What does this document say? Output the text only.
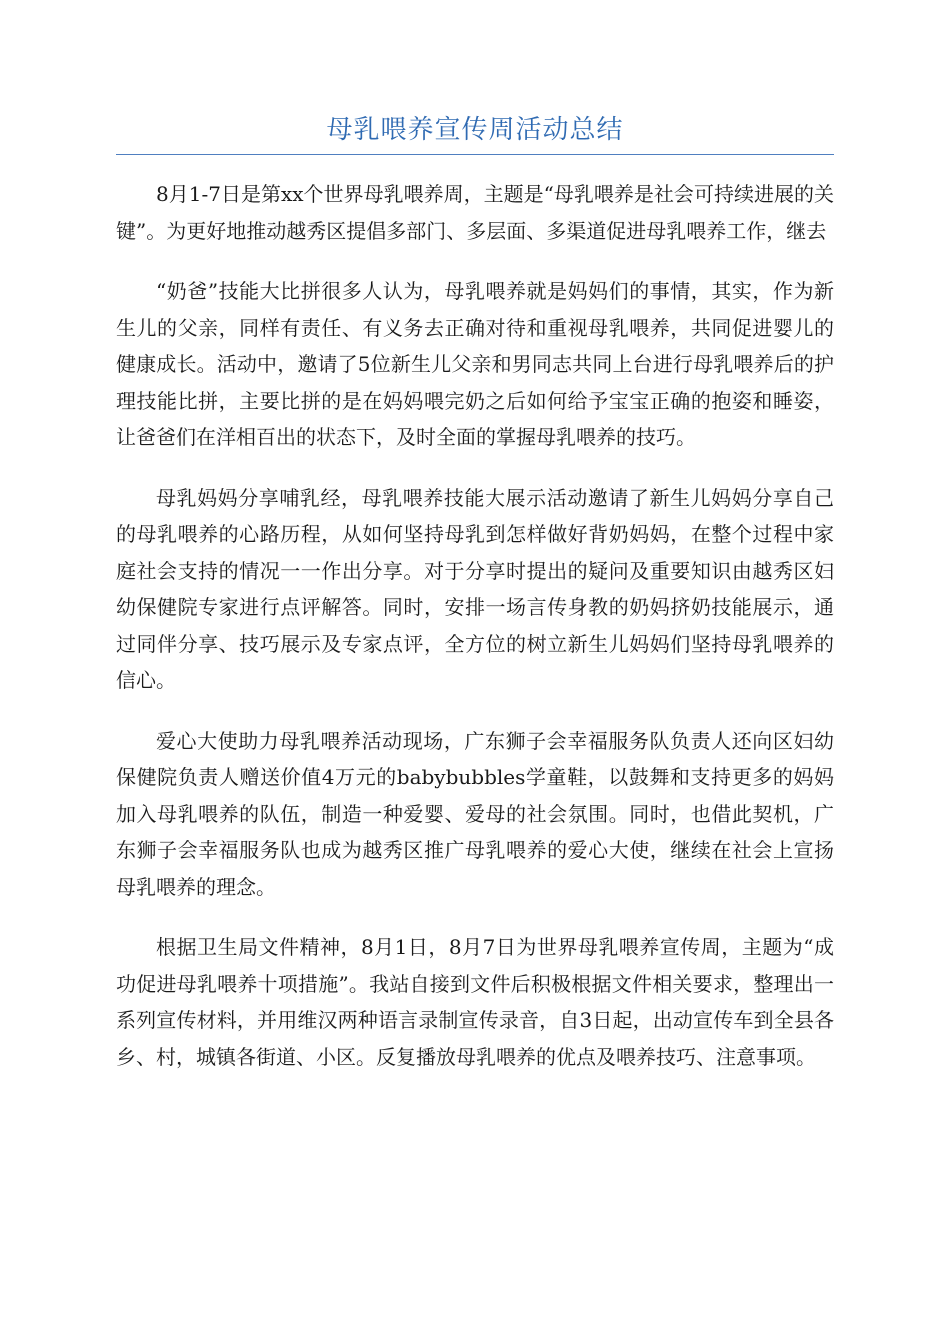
母乳喂养宣传周活动总结

8月1-7日是第xx个世界母乳喂养周，主题是“母乳喂养是社会可持续进展的关键”。为更好地推动越秀区提倡多部门、多层面、多渠道促进母乳喂养工作，继去

“奶爸”技能大比拼很多人认为，母乳喂养就是妈妈们的事情，其实，作为新生儿的父亲，同样有责任、有义务去正确对待和重视母乳喂养，共同促进婴儿的健康成长。活动中，邀请了5位新生儿父亲和男同志共同上台进行母乳喂养后的护理技能比拼，主要比拼的是在妈妈喂完奶之后如何给予宝宝正确的抱姿和睡姿，让爸爸们在洋相百出的状态下，及时全面的掌握母乳喂养的技巧。

母乳妈妈分享哺乳经，母乳喂养技能大展示活动邀请了新生儿妈妈分享自己的母乳喂养的心路历程，从如何坚持母乳到怎样做好背奶妈妈，在整个过程中家庭社会支持的情况一一作出分享。对于分享时提出的疑问及重要知识由越秀区妇幼保健院专家进行点评解答。同时，安排一场言传身教的奶妈挤奶技能展示，通过同伴分享、技巧展示及专家点评，全方位的树立新生儿妈妈们坚持母乳喂养的信心。

爱心大使助力母乳喂养活动现场，广东狮子会幸福服务队负责人还向区妇幼保健院负责人赠送价值4万元的babybubbles学童鞋，以鼓舞和支持更多的妈妈加入母乳喂养的队伍，制造一种爱婴、爱母的社会氛围。同时，也借此契机，广东狮子会幸福服务队也成为越秀区推广母乳喂养的爱心大使，继续在社会上宣扬母乳喂养的理念。

根据卫生局文件精神，8月1日，8月7日为世界母乳喂养宣传周，主题为“成功促进母乳喂养十项措施”。我站自接到文件后积极根据文件相关要求，整理出一系列宣传材料，并用维汉两种语言录制宣传录音，自3日起，出动宣传车到全县各乡、村，城镇各街道、小区。反复播放母乳喂养的优点及喂养技巧、注意事项。
